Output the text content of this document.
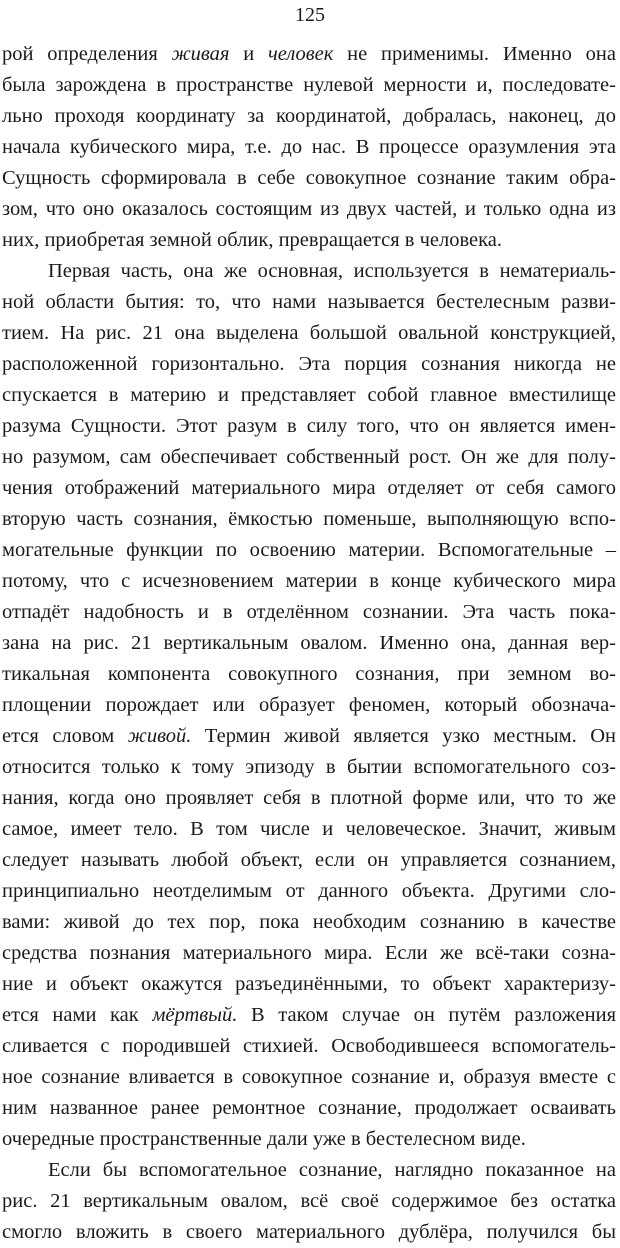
125
рой определения живая и человек не применимы. Именно она
была зарождена в пространстве нулевой мерности и, последовате-
льно проходя координату за координатой, добралась, наконец, до
начала кубического мира, т.е. до нас. В процессе оразумления эта
Сущность сформировала в себе совокупное сознание таким обра-
зом, что оно оказалось состоящим из двух частей, и только одна из
них, приобретая земной облик, превращается в человека.
Первая часть, она же основная, используется в нематериаль-
ной области бытия: то, что нами называется бестелесным разви-
тием. На рис. 21 она выделена большой овальной конструкцией,
расположенной горизонтально. Эта порция сознания никогда не
спускается в материю и представляет собой главное вместилище
разума Сущности. Этот разум в силу того, что он является имен-
но разумом, сам обеспечивает собственный рост. Он же для полу-
чения отображений материального мира отделяет от себя самого
вторую часть сознания, ёмкостью поменьше, выполняющую вспо-
могательные функции по освоению материи. Вспомогательные –
потому, что с исчезновением материи в конце кубического мира
отпадёт надобность и в отделённом сознании. Эта часть пока-
зана на рис. 21 вертикальным овалом. Именно она, данная вер-
тикальная компонента совокупного сознания, при земном во-
площении порождает или образует феномен, который обознача-
ется словом живой. Термин живой является узко местным. Он
относится только к тому эпизоду в бытии вспомогательного соз-
нания, когда оно проявляет себя в плотной форме или, что то же
самое, имеет тело. В том числе и человеческое. Значит, живым
следует называть любой объект, если он управляется сознанием,
принципиально неотделимым от данного объекта. Другими сло-
вами: живой до тех пор, пока необходим сознанию в качестве
средства познания материального мира. Если же всё-таки созна-
ние и объект окажутся разъединёнными, то объект характеризу-
ется нами как мёртвый. В таком случае он путём разложения
сливается с породившей стихией. Освободившееся вспомогатель-
ное сознание вливается в совокупное сознание и, образуя вместе с
ним названное ранее ремонтное сознание, продолжает осваивать
очередные пространственные дали уже в бестелесном виде.
Если бы вспомогательное сознание, наглядно показанное на
рис. 21 вертикальным овалом, всё своё содержимое без остатка
смогло вложить в своего материального дублёра, получился бы
